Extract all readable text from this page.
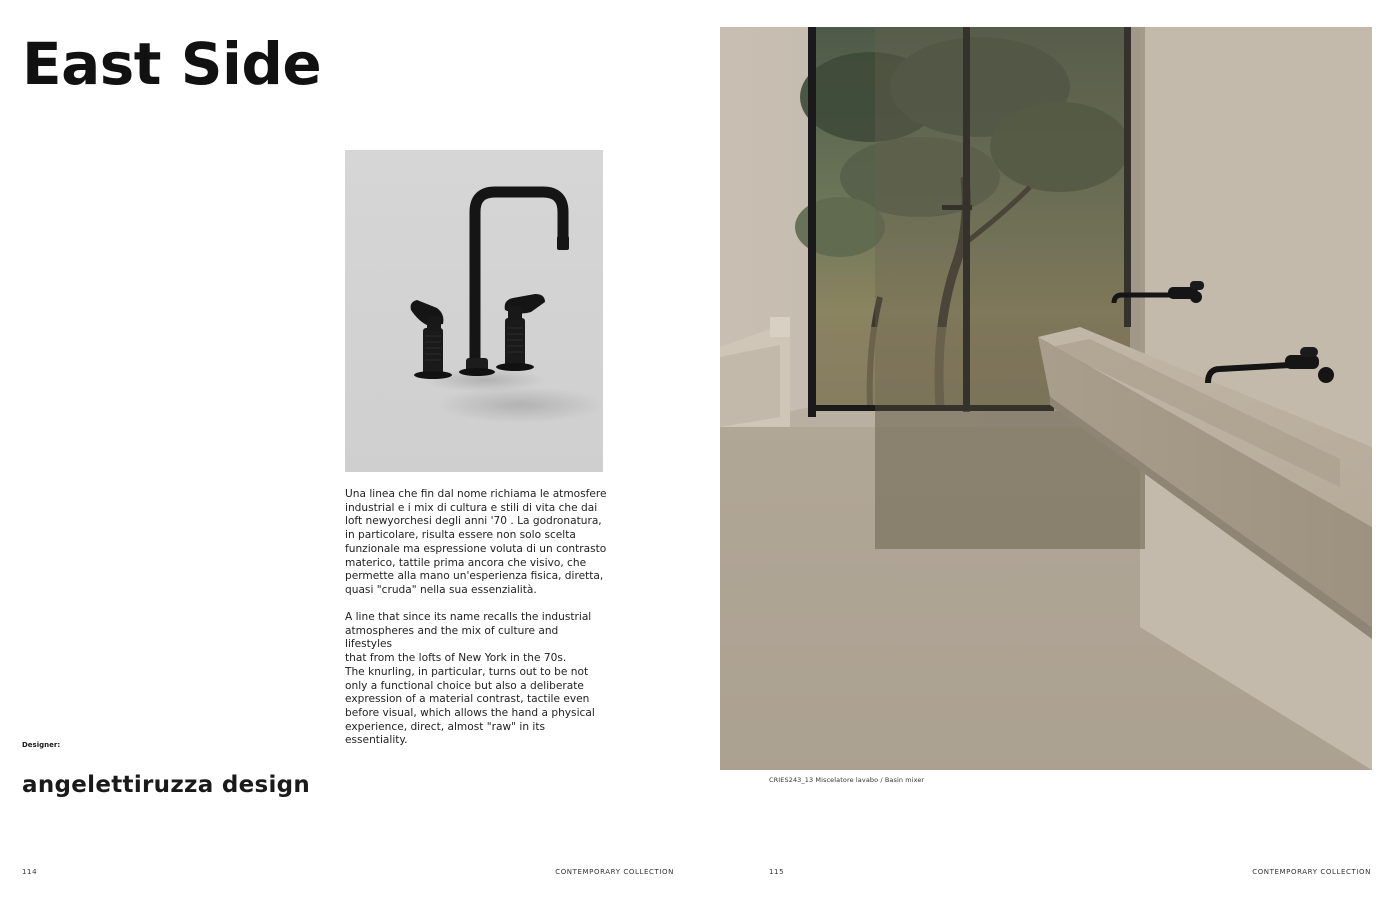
East Side

Una linea che fin dal nome richiama le atmosfere
industrial e i mix di cultura e stili di vita che dai
loft newyorchesi degli anni '70 . La godronatura,
in particolare, risulta essere non solo scelta
funzionale ma espressione voluta di un contrasto
materico, tattile prima ancora che visivo, che
permette alla mano un'esperienza fisica, diretta,
quasi "cruda" nella sua essenzialità.

A line that since its name recalls the industrial
atmospheres and the mix of culture and lifestyles
that from the lofts of New York in the 70s.
The knurling, in particular, turns out to be not
only a functional choice but also a deliberate
expression of a material contrast, tactile even
before visual, which allows the hand a physical
experience, direct, almost "raw" in its essentiality.

Designer:
angelettiruzza design
114	CONTEMPORARY COLLECTION
CRIES243_13 Miscelatore lavabo / Basin mixer
115	CONTEMPORARY COLLECTION
